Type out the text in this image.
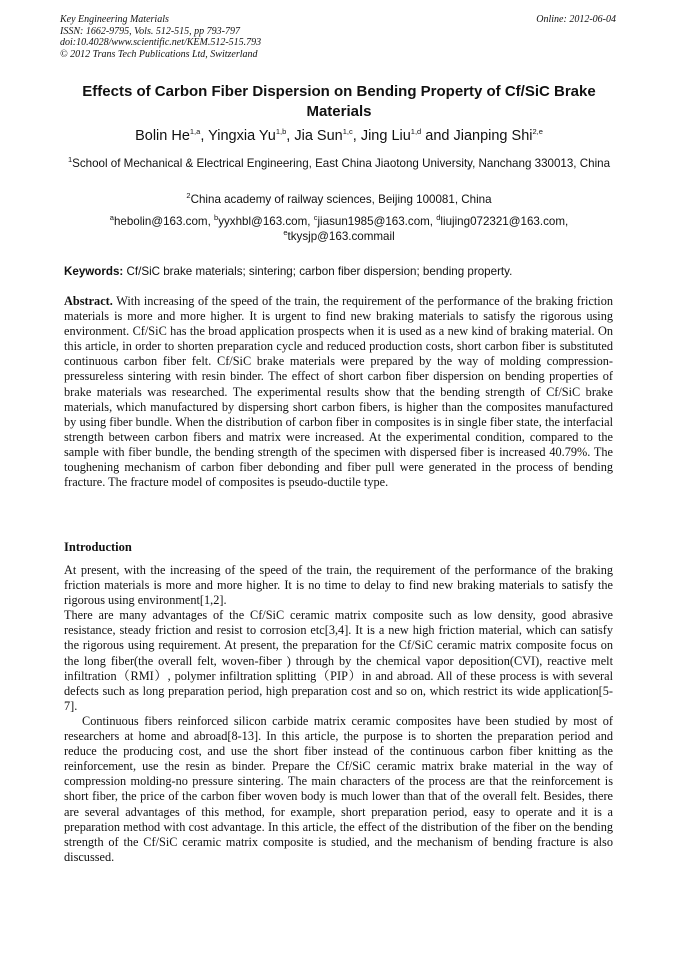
Key Engineering Materials
ISSN: 1662-9795, Vols. 512-515, pp 793-797
doi:10.4028/www.scientific.net/KEM.512-515.793
© 2012 Trans Tech Publications Ltd, Switzerland
Online: 2012-06-04
Effects of Carbon Fiber Dispersion on Bending Property of Cf/SiC Brake Materials
Bolin He$^{1,a}$, Yingxia Yu$^{1,b}$, Jia Sun$^{1,c}$, Jing Liu$^{1,d}$ and Jianping Shi$^{2,e}$
$^1$School of Mechanical & Electrical Engineering, East China Jiaotong University, Nanchang 330013, China
$^2$China academy of railway sciences, Beijing 100081, China
$^a$hebolin@163.com, $^b$yyxhbl@163.com, $^c$jiasun1985@163.com, $^d$liujing072321@163.com,
$^e$tkysjp@163.commail
Keywords: Cf/SiC brake materials; sintering; carbon fiber dispersion; bending property.
Abstract. With increasing of the speed of the train, the requirement of the performance of the braking friction materials is more and more higher. It is urgent to find new braking materials to satisfy the rigorous using environment. Cf/SiC has the broad application prospects when it is used as a new kind of braking material. On this article, in order to shorten preparation cycle and reduced production costs, short carbon fiber is substituted continuous carbon fiber felt. Cf/SiC brake materials were prepared by the way of molding compression-pressureless sintering with resin binder. The effect of short carbon fiber dispersion on bending properties of brake materials was researched. The experimental results show that the bending strength of Cf/SiC brake materials, which manufactured by dispersing short carbon fibers, is higher than the composites manufactured by using fiber bundle. When the distribution of carbon fiber in composites is in single fiber state, the interfacial strength between carbon fibers and matrix were increased. At the experimental condition, compared to the sample with fiber bundle, the bending strength of the specimen with dispersed fiber is increased 40.79%. The toughening mechanism of carbon fiber debonding and fiber pull were generated in the process of bending fracture. The fracture model of composites is pseudo-ductile type.
Introduction

At present, with the increasing of the speed of the train, the requirement of the performance of the braking friction materials is more and more higher. It is no time to delay to find new braking materials to satisfy the rigorous using environment[1,2].

There are many advantages of the Cf/SiC ceramic matrix composite such as low density, good abrasive resistance, steady friction and resist to corrosion etc[3,4]. It is a new high friction material, which can satisfy the rigorous using requirement. At present, the preparation for the Cf/SiC ceramic matrix composite focus on the long fiber(the overall felt, woven-fiber ) through by the chemical vapor deposition(CVI), reactive melt infiltration（RMI）, polymer infiltration splitting（PIP）in and abroad. All of these process is with several defects such as long preparation period, high preparation cost and so on, which restrict its wide application[5-7].

Continuous fibers reinforced silicon carbide matrix ceramic composites have been studied by most of researchers at home and abroad[8-13]. In this article, the purpose is to shorten the preparation period and reduce the producing cost, and use the short fiber instead of the continuous carbon fiber knitting as the reinforcement, use the resin as binder. Prepare the Cf/SiC ceramic matrix brake material in the way of compression molding-no pressure sintering. The main characters of the process are that the reinforcement is short fiber, the price of the carbon fiber woven body is much lower than that of the overall felt. Besides, there are several advantages of this method, for example, short preparation period, easy to operate and it is a preparation method with cost advantage. In this article, the effect of the distribution of the fiber on the bending strength of the Cf/SiC ceramic matrix composite is studied, and the mechanism of bending fracture is also discussed.
